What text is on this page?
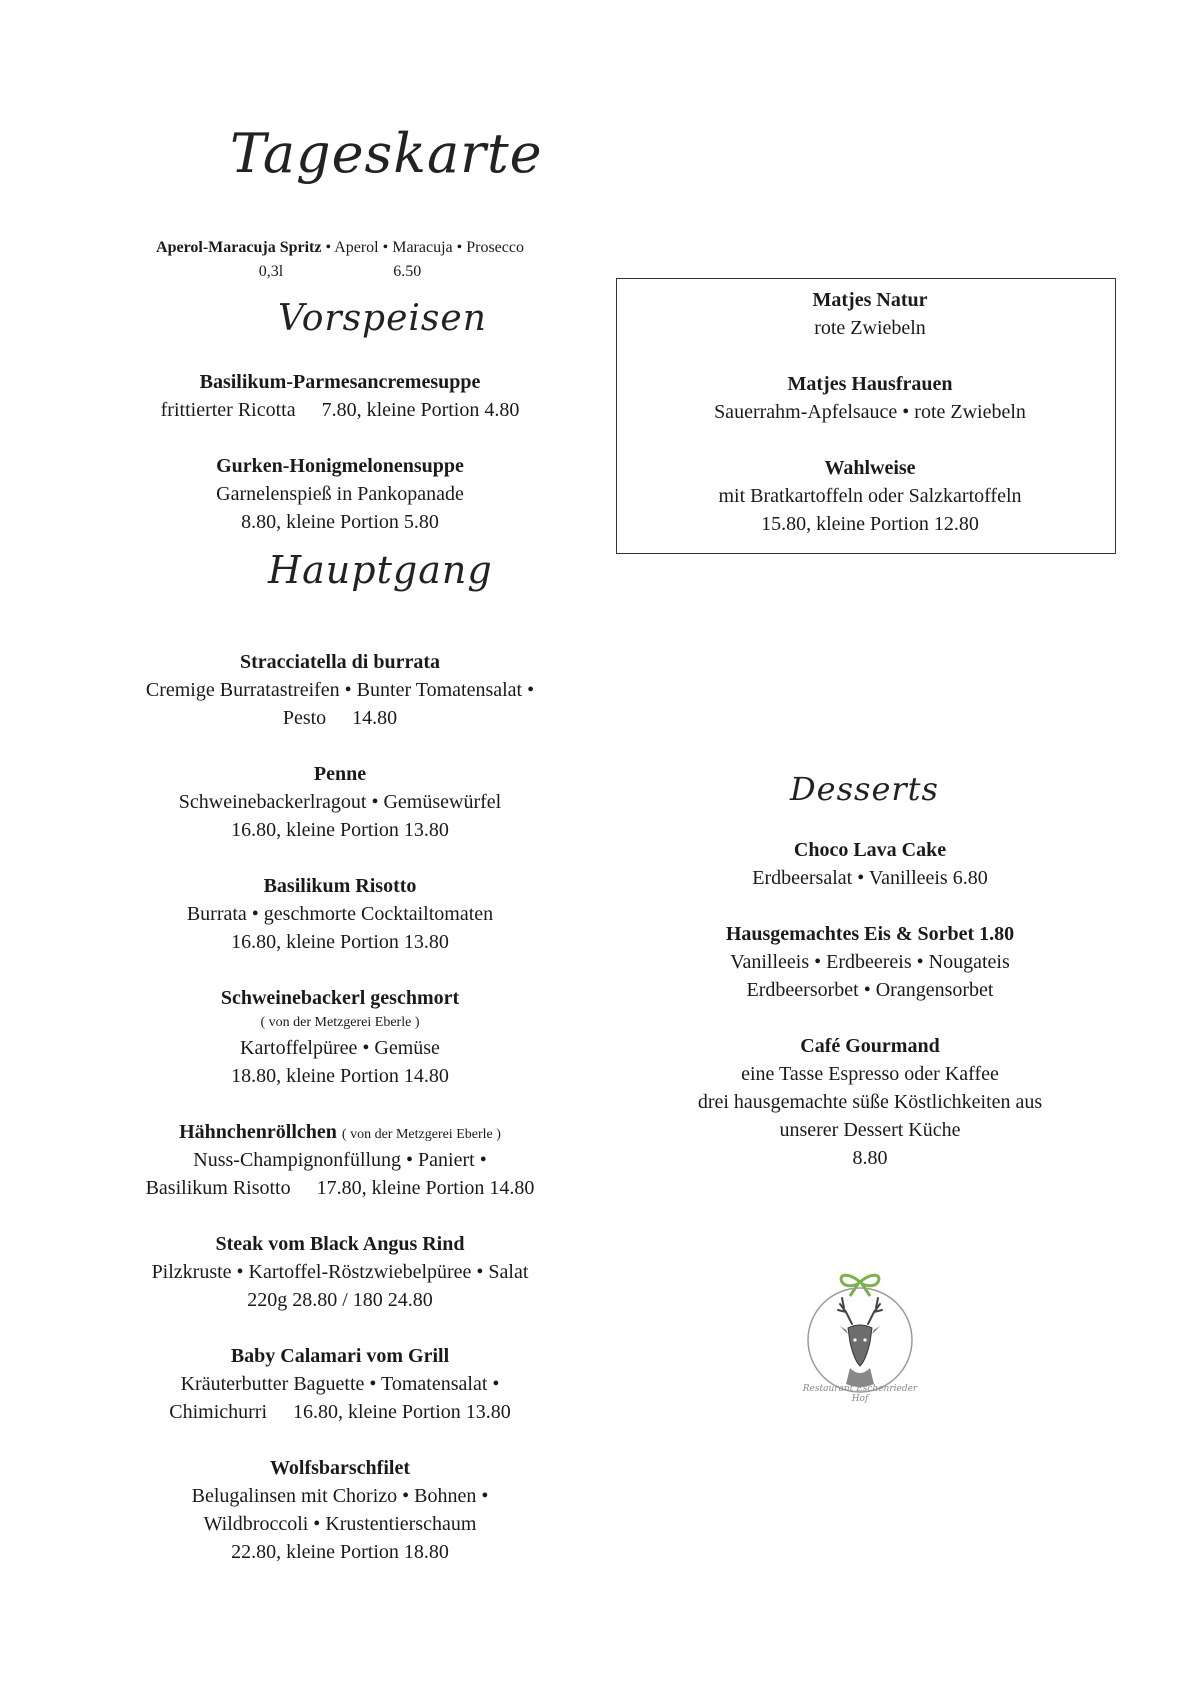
Tageskarte
Aperol-Maracuja Spritz • Aperol • Maracuja • Prosecco
0,3l	6.50
Vorspeisen
Basilikum-Parmesancremesuppe
frittierter Ricotta 7.80, kleine Portion 4.80
Gurken-Honigmelonensuppe
Garnelenspieß in Pankopanade
8.80, kleine Portion 5.80
Stracciatella di burrata
Cremige Burratastreifen • Bunter Tomatensalat •
Pesto 14.80
Penne
Schweinebackerlragout • Gemüsewürfel
16.80, kleine Portion 13.80
Basilikum Risotto
Burrata • geschmorte Cocktailtomaten
16.80, kleine Portion 13.80
Schweinebackerl geschmort
( von der Metzgerei Eberle )
Kartoffelpüree • Gemüse
18.80, kleine Portion 14.80
Hähnchenröllchen ( von der Metzgerei Eberle )
Nuss-Champignonfüllung • Paniert •
Basilikum Risotto 17.80, kleine Portion 14.80
Steak vom Black Angus Rind
Pilzkruste • Kartoffel-Röstzwiebelpüree • Salat
220g 28.80 / 180 24.80
Baby Calamari vom Grill
Kräuterbutter Baguette • Tomatensalat •
Chimichurri 16.80, kleine Portion 13.80
Wolfsbarschfilet
Belugalinsen mit Chorizo • Bohnen •
Wildbroccoli • Krustentierschaum
22.80, kleine Portion 18.80
Hauptgang
Matjes Natur
rote Zwiebeln
Matjes Hausfrauen
Sauerrahm-Apfelsauce • rote Zwiebeln
Wahlweise
mit Bratkartoffeln oder Salzkartoffeln
15.80, kleine Portion 12.80
Choco Lava Cake
Erdbeersalat • Vanilleeis 6.80
Hausgemachtes Eis & Sorbet 1.80
Vanilleeis • Erdbeereis • Nougateis
Erdbeersorbet • Orangensorbet
Café Gourmand
eine Tasse Espresso oder Kaffee
drei hausgemachte süße Köstlichkeiten aus
unserer Dessert Küche
8.80
Desserts
Restaurant Eschenrieder Hof
